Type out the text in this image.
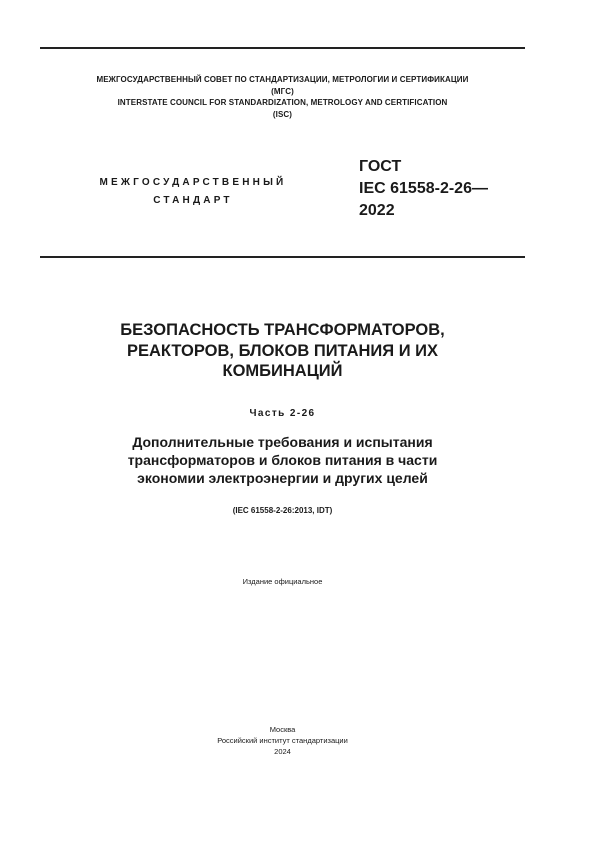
МЕЖГОСУДАРСТВЕННЫЙ СОВЕТ ПО СТАНДАРТИЗАЦИИ, МЕТРОЛОГИИ И СЕРТИФИКАЦИИ
(МГС)
INTERSTATE COUNCIL FOR STANDARDIZATION, METROLOGY AND CERTIFICATION
(ISC)
МЕЖГОСУДАРСТВЕННЫЙ
СТАНДАРТ
ГОСТ
IEC 61558-2-26—
2022
БЕЗОПАСНОСТЬ ТРАНСФОРМАТОРОВ,
РЕАКТОРОВ, БЛОКОВ ПИТАНИЯ И ИХ
КОМБИНАЦИЙ
Часть 2-26
Дополнительные требования и испытания
трансформаторов и блоков питания в части
экономии электроэнергии и других целей
(IEC 61558-2-26:2013, IDT)
Издание официальное
Москва
Российский институт стандартизации
2024
